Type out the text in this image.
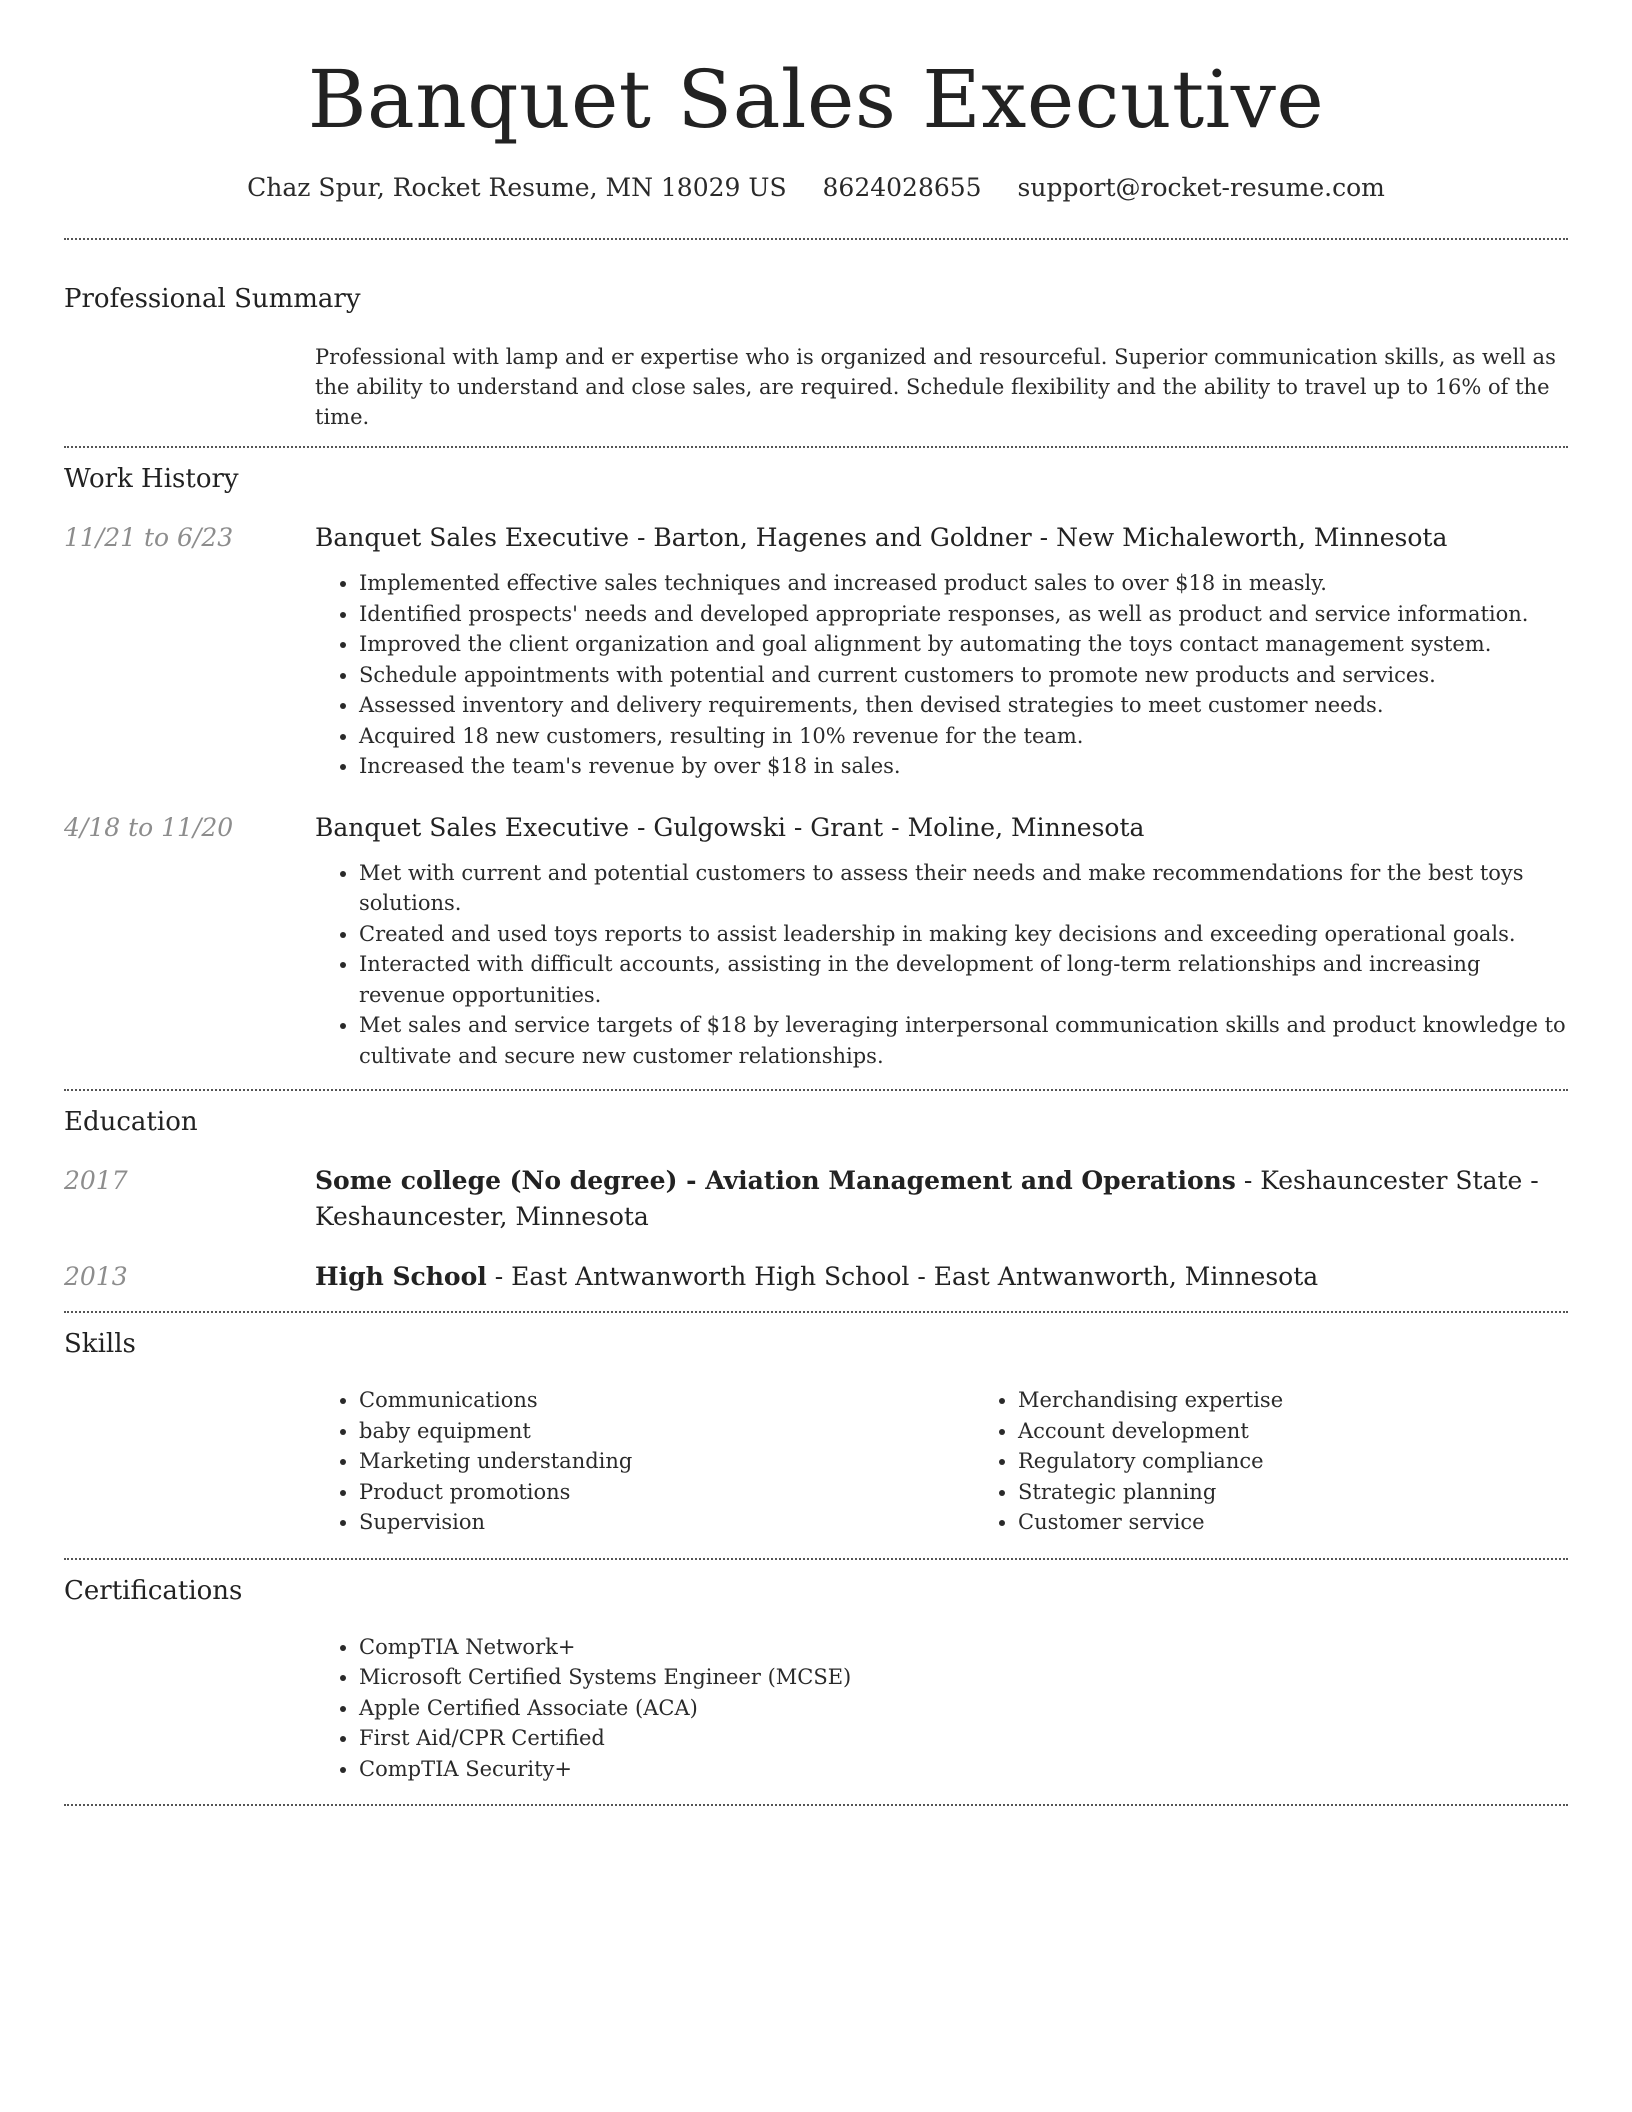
Banquet Sales Executive
Chaz Spur, Rocket Resume, MN 18029 US 8624028655 support@rocket-resume.com
Professional Summary

Professional with lamp and er expertise who is organized and resourceful. Superior communication skills, as well as the ability to understand and close sales, are required. Schedule flexibility and the ability to travel up to 16% of the time.

Work History
11/21 to 6/23	Banquet Sales Executive - Barton, Hagenes and Goldner - New Michaleworth, Minnesota
• Implemented effective sales techniques and increased product sales to over $18 in measly.
• Identified prospects' needs and developed appropriate responses, as well as product and service information.
• Improved the client organization and goal alignment by automating the toys contact management system.
• Schedule appointments with potential and current customers to promote new products and services.
• Assessed inventory and delivery requirements, then devised strategies to meet customer needs.
• Acquired 18 new customers, resulting in 10% revenue for the team.
• Increased the team's revenue by over $18 in sales.
4/18 to 11/20	Banquet Sales Executive - Gulgowski - Grant - Moline, Minnesota
• Met with current and potential customers to assess their needs and make recommendations for the best toys solutions.
• Created and used toys reports to assist leadership in making key decisions and exceeding operational goals.
• Interacted with difficult accounts, assisting in the development of long-term relationships and increasing revenue opportunities.
• Met sales and service targets of $18 by leveraging interpersonal communication skills and product knowledge to cultivate and secure new customer relationships.
Education
2017	Some college (No degree) - Aviation Management and Operations - Keshauncester State - Keshauncester, Minnesota
2013	High School - East Antwanworth High School - East Antwanworth, Minnesota
Skills
• Communications
• baby equipment
• Marketing understanding
• Product promotions
• Supervision
• Merchandising expertise
• Account development
• Regulatory compliance
• Strategic planning
• Customer service
Certifications
• CompTIA Network+
• Microsoft Certified Systems Engineer (MCSE)
• Apple Certified Associate (ACA)
• First Aid/CPR Certified
• CompTIA Security+
